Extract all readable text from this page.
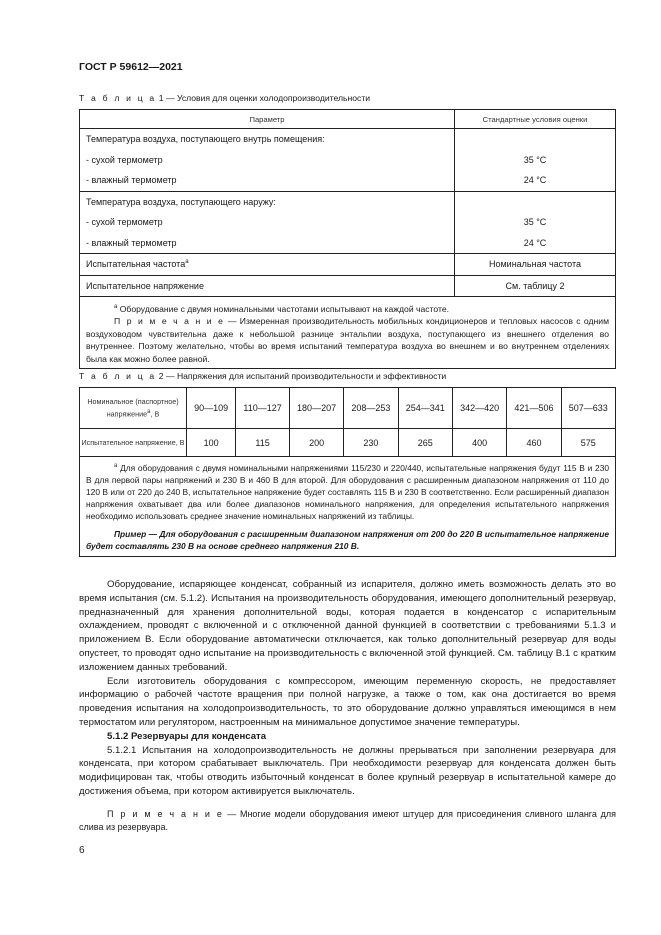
ГОСТ Р 59612—2021
Т а б л и ц а 1 — Условия для оценки холодопроизводительности
Параметр	Стандартные условия оценки
Температура воздуха, поступающего внутрь помещения:	
- сухой термометр	35 °С
- влажный термометр	24 °С
Температура воздуха, поступающего наружу:	
- сухой термометр	35 °С
- влажный термометр	24 °С
Испытательная частота$^а$	Номинальная частота
Испытательное напряжение	См. таблицу 2

$^а$ Оборудование с двумя номинальными частотами испытывают на каждой частоте.
П р и м е ч а н и е — Измеренная производительность мобильных кондиционеров и тепловых насосов с одним воздуховодом чувствительна даже к небольшой разнице энтальпии воздуха, поступающего из внешнего отделения во внутреннее. Поэтому желательно, чтобы во время испытаний температура воздуха во внешнем и во внутреннем отделениях была как можно более равной.	
Т а б л и ц а 2 — Напряжения для испытаний производительности и эффективности
Номинальное (паспортное) напряжение$^а$, В	90—109	110—127	180—207	208—253	254—341	342—420	421—506	507—633
Испытательное напряжение, В	100	115	200	230	265	400	460	575

$^а$ Для оборудования с двумя номинальными напряжениями 115/230 и 220/440, испытательные напряжения будут 115 В и 230 В для первой пары напряжений и 230 В и 460 В для второй. Для оборудования с расширенным диапазоном напряжения от 110 до 120 В или от 220 до 240 В, испытательное напряжение будет составлять 115 В и 230 В соответственно. Если расширенный диапазон напряжения охватывает два или более диапазонов номинального напряжения, для определения испытательного напряжения необходимо использовать среднее значение номинальных напряжений из таблицы.
Пример — Для оборудования с расширенным диапазоном напряжения от 200 до 220 В испытательное напряжение будет составлять 230 В на основе среднего напряжения 210 В.								

Оборудование, испаряющее конденсат, собранный из испарителя, должно иметь возможность делать это во время испытания (см. 5.1.2). Испытания на производительность оборудования, имеющего дополнительный резервуар, предназначенный для хранения дополнительной воды, которая подается в конденсатор с испарительным охлаждением, проводят с включенной и с отключенной данной функцией в соответствии с требованиями 5.1.3 и приложением В. Если оборудование автоматически отключается, как только дополнительный резервуар для воды опустеет, то проводят одно испытание на производительность с включенной этой функцией. См. таблицу В.1 с кратким изложением данных требований.

Если изготовитель оборудования с компрессором, имеющим переменную скорость, не предоставляет информацию о рабочей частоте вращения при полной нагрузке, а также о том, как она достигается во время проведения испытания на холодопроизводительность, то это оборудование должно управляться имеющимся в нем термостатом или регулятором, настроенным на минимальное допустимое значение температуры.

5.1.2 Резервуары для конденсата

5.1.2.1 Испытания на холодопроизводительность не должны прерываться при заполнении резервуара для конденсата, при котором срабатывает выключатель. При необходимости резервуар для конденсата должен быть модифицирован так, чтобы отводить избыточный конденсат в более крупный резервуар в испытательной камере до достижения объема, при котором активируется выключатель.

П р и м е ч а н и е — Многие модели оборудования имеют штуцер для присоединения сливного шланга для слива из резервуара.

6
